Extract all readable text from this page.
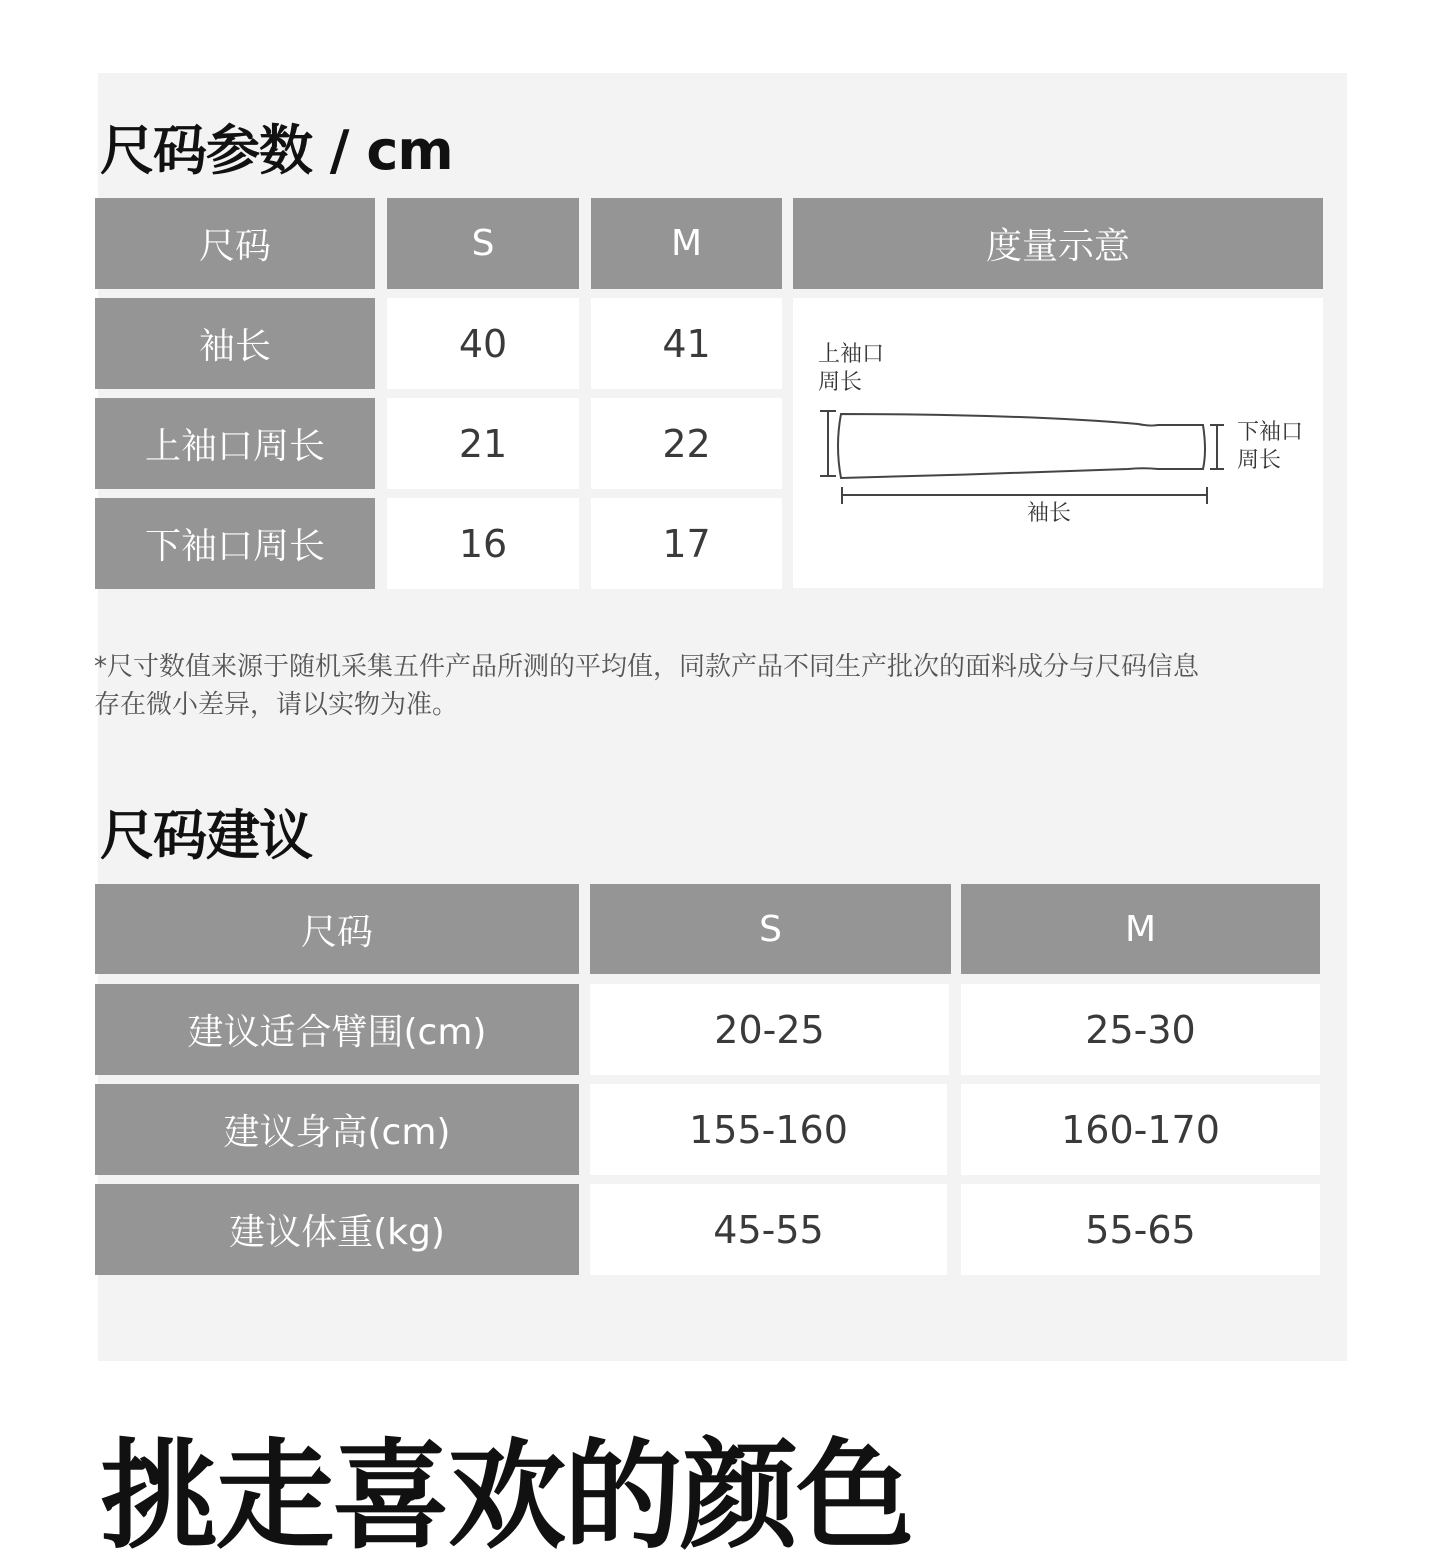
尺码参数 / cm
尺码	S	M	度量示意
袖长	40	41
上袖口周长	21	22
下袖口周长	16	17
上袖口
周长
下袖口
周长
袖长

*尺寸数值来源于随机采集五件产品所测的平均值，同款产品不同生产批次的面料成分与尺码信息

存在微小差异，请以实物为准。

尺码建议
尺码	S	M
建议适合臂围(cm)	20-25	25-30
建议身高(cm)	155-160	160-170
建议体重(kg)	45-55	55-65
挑走喜欢的颜色
